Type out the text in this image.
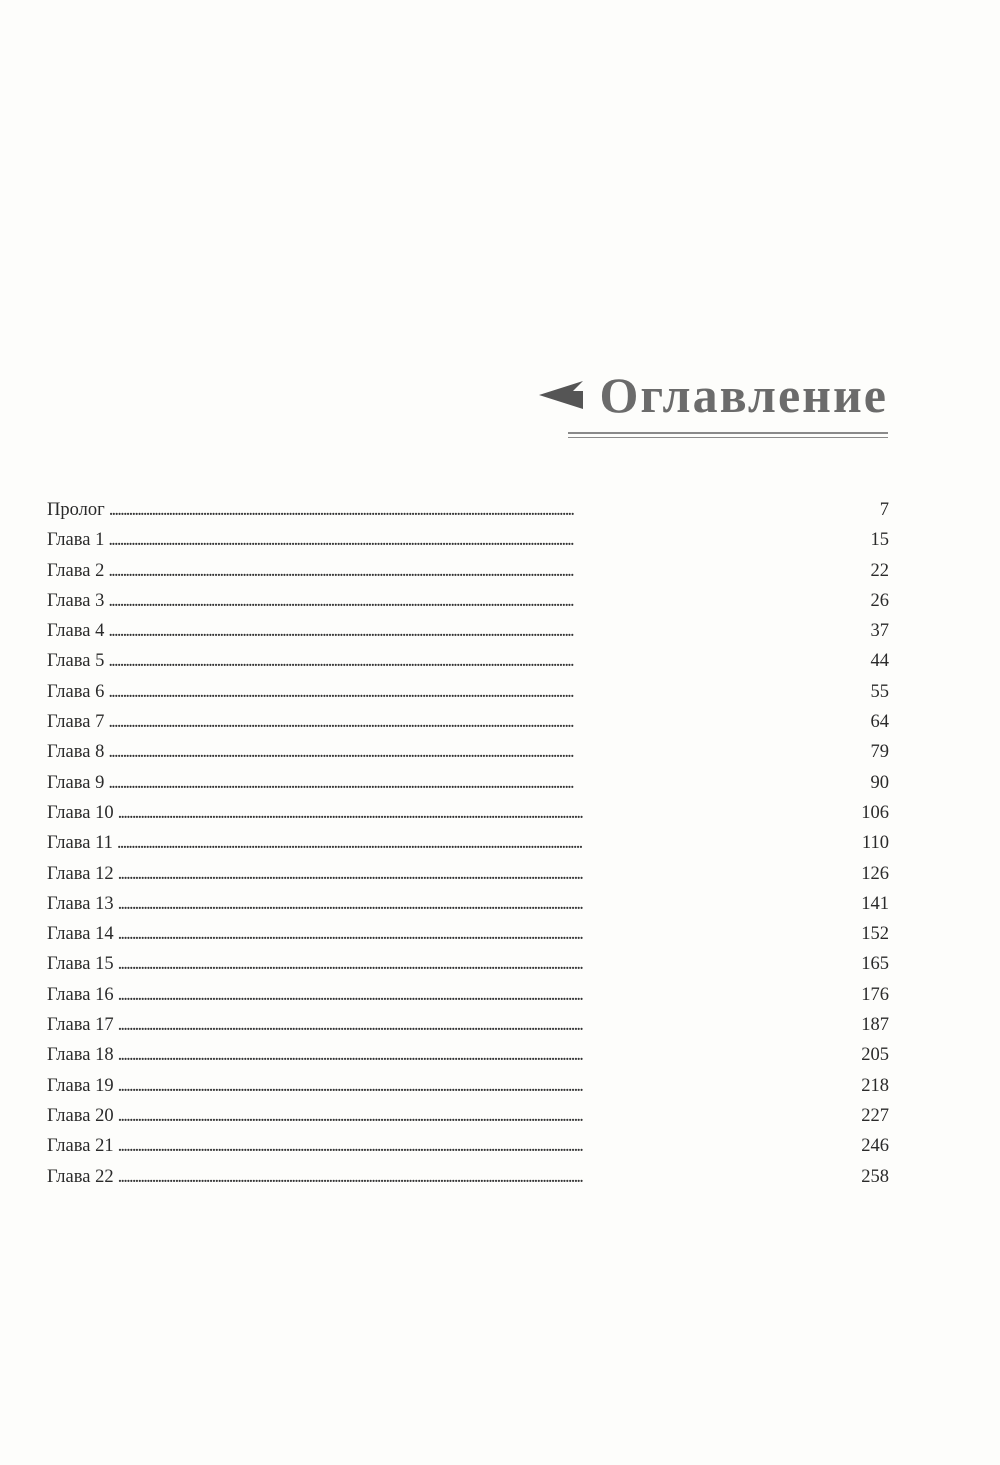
Оглавление
Пролог . . .	7
Глава 1 . . .	15
Глава 2 . . .	22
Глава 3 . . .	26
Глава 4 . . .	37
Глава 5 . . .	44
Глава 6 . . .	55
Глава 7 . . .	64
Глава 8 . . .	79
Глава 9 . . .	90
Глава 10 . . .	106
Глава 11 . . .	110
Глава 12 . . .	126
Глава 13 . . .	141
Глава 14 . . .	152
Глава 15 . . .	165
Глава 16 . . .	176
Глава 17 . . .	187
Глава 18 . . .	205
Глава 19 . . .	218
Глава 20 . . .	227
Глава 21 . . .	246
Глава 22 . . .	258
